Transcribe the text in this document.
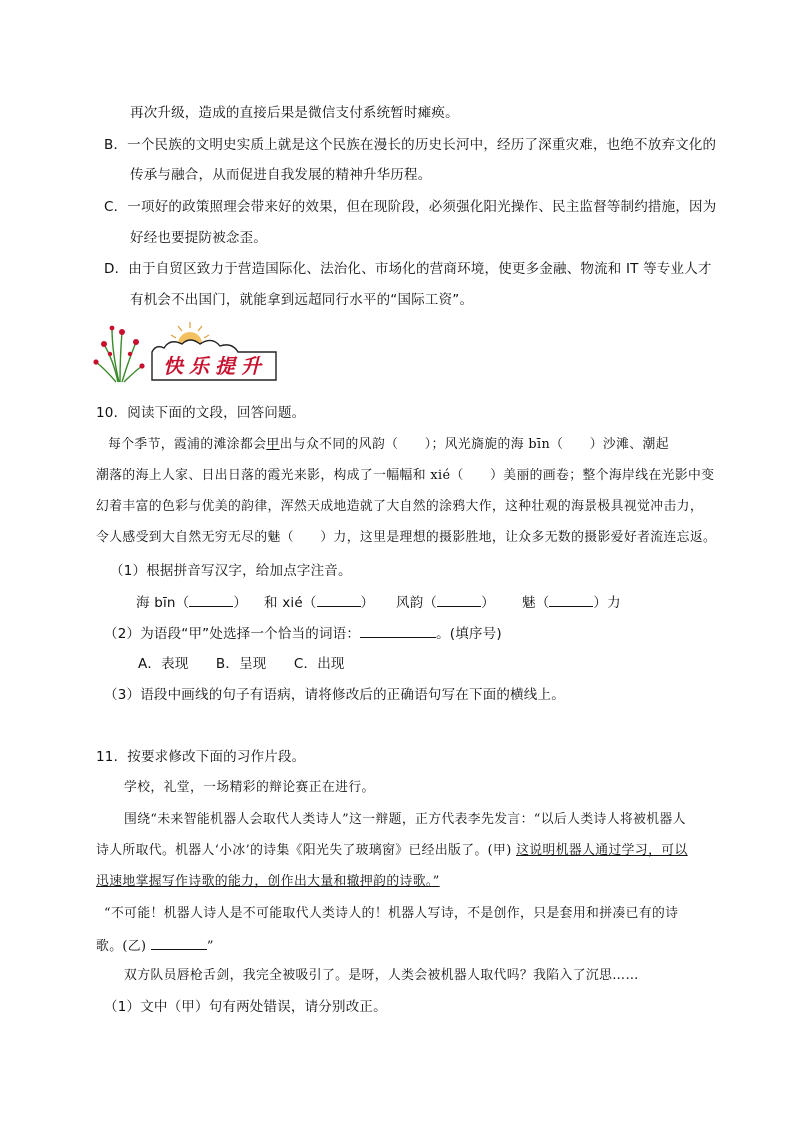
再次升级，造成的直接后果是微信支付系统暂时瘫痪。
B．一个民族的文明史实质上就是这个民族在漫长的历史长河中，经历了深重灾难，也绝不放弃文化的
传承与融合，从而促进自我发展的精神升华历程。
C．一项好的政策照理会带来好的效果，但在现阶段，必须强化阳光操作、民主监督等制约措施，因为
好经也要提防被念歪。
D．由于自贸区致力于营造国际化、法治化、市场化的营商环境，使更多金融、物流和 IT 等专业人才
有机会不出国门，就能拿到远超同行水平的“国际工资”。
快乐提升
10．阅读下面的文段，回答问题。
每个季节，霞浦的滩涂都会甲出与众不同的风韵（　　）；风光旖旎的海 bīn（　　）沙滩、潮起
潮落的海上人家、日出日落的霞光来影，构成了一幅幅和 xié（　　）美丽的画卷；整个海岸线在光影中变
幻着丰富的色彩与优美的韵律，浑然天成地造就了大自然的涂鸦大作，这种壮观的海景极具视觉冲击力，
令人感受到大自然无穷无尽的魅（　　）力，这里是理想的摄影胜地，让众多无数的摄影爱好者流连忘返。
（1）根据拼音写汉字，给加点字注音。
海 bīn（	） 和 xié（	） 风韵（	） 魅（	）力
（2）为语段“甲”处选择一个恰当的词语：	。(填序号)
A．表现　　B．呈现　　C．出现
（3）语段中画线的句子有语病，请将修改后的正确语句写在下面的横线上。
11．按要求修改下面的习作片段。
学校，礼堂，一场精彩的辩论赛正在进行。
围绕“未来智能机器人会取代人类诗人”这一辩题，正方代表李先发言：“以后人类诗人将被机器人
诗人所取代。机器人‘小冰’的诗集《阳光失了玻璃窗》已经出版了。(甲) 这说明机器人通过学习，可以
迅速地掌握写作诗歌的能力，创作出大量和辙押韵的诗歌。”
“不可能！机器人诗人是不可能取代人类诗人的！机器人写诗，不是创作，只是套用和拼凑已有的诗
歌。(乙)	”
双方队员唇枪舌剑，我完全被吸引了。是呀，人类会被机器人取代吗？我陷入了沉思……
（1）文中（甲）句有两处错误，请分别改正。
